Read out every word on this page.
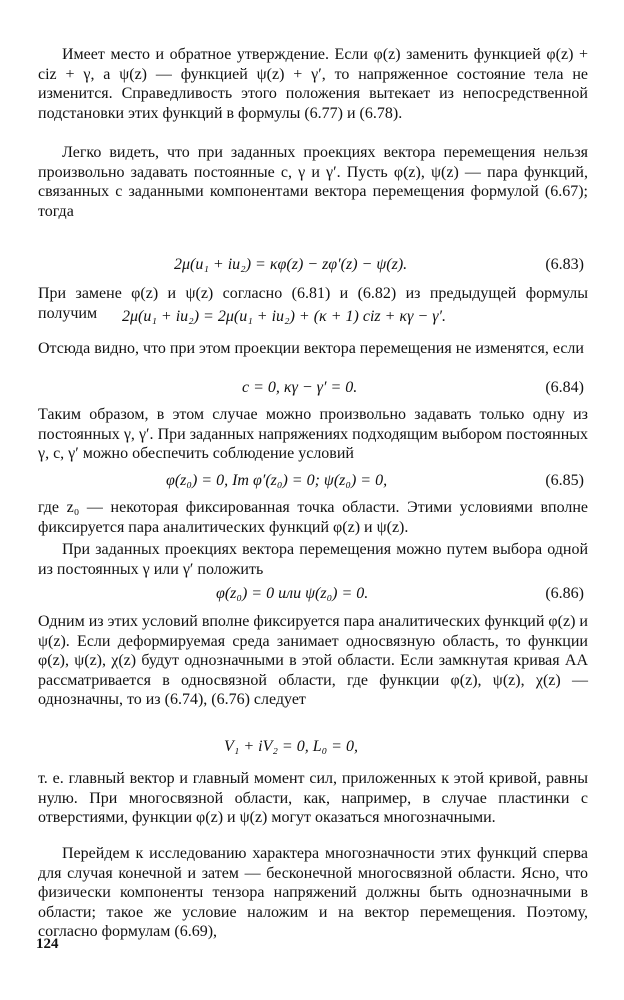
Имеет место и обратное утверждение. Если φ(z) заменить функцией φ(z) + ciz + γ, а ψ(z) — функцией ψ(z) + γ′, то напряженное состояние тела не изменится. Справедливость этого положения вытекает из непосредственной подстановки этих функций в формулы (6.77) и (6.78).

Легко видеть, что при заданных проекциях вектора перемещения нельзя произвольно задавать постоянные c, γ и γ′. Пусть φ(z), ψ(z) — пара функций, связанных с заданными компонентами вектора перемещения формулой (6.67); тогда

2μ(u₁ + iu₂) = κφ(z) − zφ′(z) − ψ(z).	(6.83)

При замене φ(z) и ψ(z) согласно (6.81) и (6.82) из предыдущей формулы получим	2μ(u₁ + iu₂) = 2μ(u₁ + iu₂) + (κ + 1) ciz + κγ − γ′.

Отсюда видно, что при этом проекции вектора перемещения не изменятся, если

c = 0, κγ − γ′ = 0.	(6.84)

Таким образом, в этом случае можно произвольно задавать только одну из постоянных γ, γ′. При заданных напряжениях подходящим выбором постоянных γ, c, γ′ можно обеспечить соблюдение условий

φ(z₀) = 0, Im φ′(z₀) = 0; ψ(z₀) = 0,	(6.85)

где z₀ — некоторая фиксированная точка области. Этими условиями вполне фиксируется пара аналитических функций φ(z) и ψ(z).

При заданных проекциях вектора перемещения можно путем выбора одной из постоянных γ или γ′ положить

φ(z₀) = 0 или ψ(z₀) = 0.	(6.86)

Одним из этих условий вполне фиксируется пара аналитических функций φ(z) и ψ(z). Если деформируемая среда занимает односвязную область, то функции φ(z), ψ(z), χ(z) будут однозначными в этой области. Если замкнутая кривая AA рассматривается в односвязной области, где функции φ(z), ψ(z), χ(z) — однозначны, то из (6.74), (6.76) следует

V₁ + iV₂ = 0, L₀ = 0,

т. е. главный вектор и главный момент сил, приложенных к этой кривой, равны нулю. При многосвязной области, как, например, в случае пластинки с отверстиями, функции φ(z) и ψ(z) могут оказаться многозначными.

Перейдем к исследованию характера многозначности этих функций сперва для случая конечной и затем — бесконечной многосвязной области. Ясно, что физически компоненты тензора напряжений должны быть однозначными в области; такое же условие наложим и на вектор перемещения. Поэтому, согласно формулам (6.69),

124
